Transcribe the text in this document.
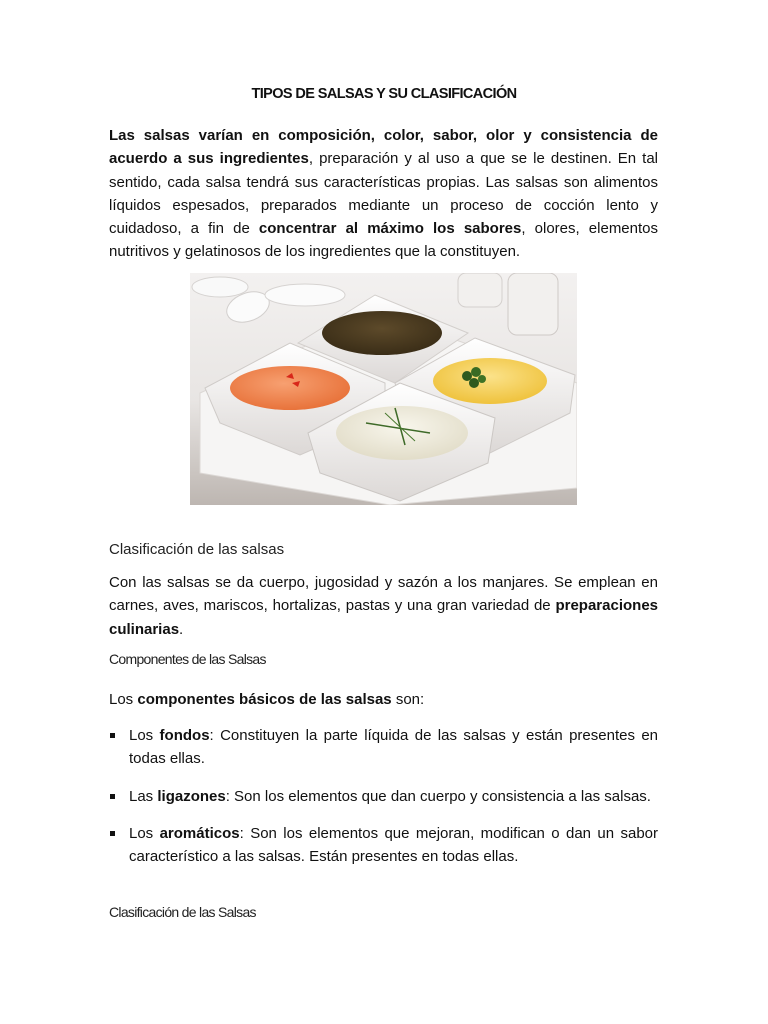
TIPOS DE SALSAS Y SU CLASIFICACIÓN

Las salsas varían en composición, color, sabor, olor y consistencia de acuerdo a sus ingredientes, preparación y al uso a que se le destinen. En tal sentido, cada salsa tendrá sus características propias. Las salsas son alimentos líquidos espesados, preparados mediante un proceso de cocción lento y cuidadoso, a fin de concentrar al máximo los sabores, olores, elementos nutritivos y gelatinosos de los ingredientes que la constituyen.

Clasificación de las salsas

Con las salsas se da cuerpo, jugosidad y sazón a los manjares. Se emplean en carnes, aves, mariscos, hortalizas, pastas y una gran variedad de preparaciones culinarias.

Componentes de las Salsas

Los componentes básicos de las salsas son:

Los fondos: Constituyen la parte líquida de las salsas y están presentes en todas ellas.
Las ligazones: Son los elementos que dan cuerpo y consistencia a las salsas.
Los aromáticos: Son los elementos que mejoran, modifican o dan un sabor característico a las salsas. Están presentes en todas ellas.
Clasificación de las Salsas
